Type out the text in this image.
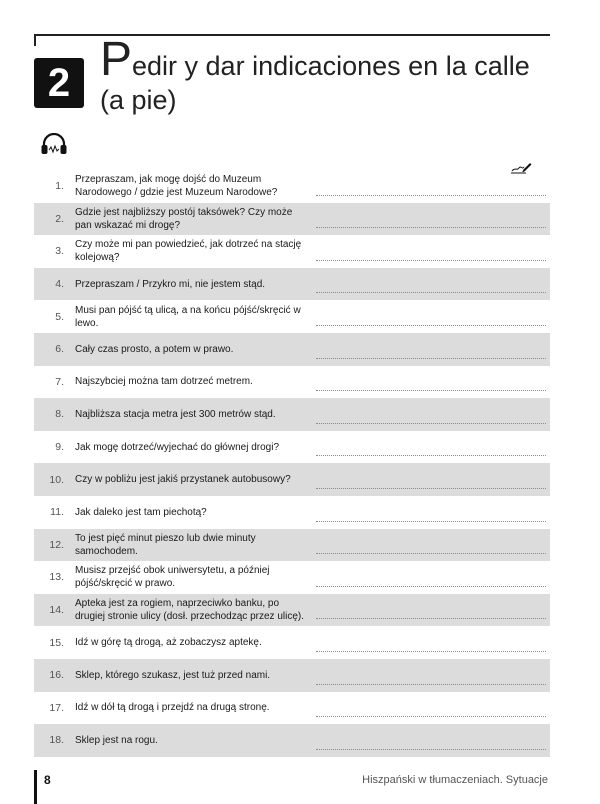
2 Pedir y dar indicaciones en la calle
(a pie)
1.
Przepraszam, jak mogę dojść do Muzeum Narodowego / gdzie jest Muzeum Narodowe?
2.
Gdzie jest najbliższy postój taksówek? Czy może pan wskazać mi drogę?
3.
Czy może mi pan powiedzieć, jak dotrzeć na stację kolejową?
4. Przepraszam / Przykro mi, nie jestem stąd.
5.
Musi pan pójść tą ulicą, a na końcu pójść/skręcić w lewo.
6. Cały czas prosto, a potem w prawo.
7. Najszybciej można tam dotrzeć metrem.
8. Najbliższa stacja metra jest 300 metrów stąd.
9. Jak mogę dotrzeć/wyjechać do głównej drogi?
10. Czy w pobliżu jest jakiś przystanek autobusowy?
11. Jak daleko jest tam piechotą?
12.
To jest pięć minut pieszo lub dwie minuty samochodem.
13.
Musisz przejść obok uniwersytetu, a później pójść/skręcić w prawo.
14.
Apteka jest za rogiem, naprzeciwko banku, po drugiej stronie ulicy (dosł. przechodząc przez ulicę).
15. Idź w górę tą drogą, aż zobaczysz aptekę.
16. Sklep, którego szukasz, jest tuż przed nami.
17. Idź w dół tą drogą i przejdź na drugą stronę.
18. Sklep jest na rogu.
8	Hiszpański w tłumaczeniach. Sytuacje
